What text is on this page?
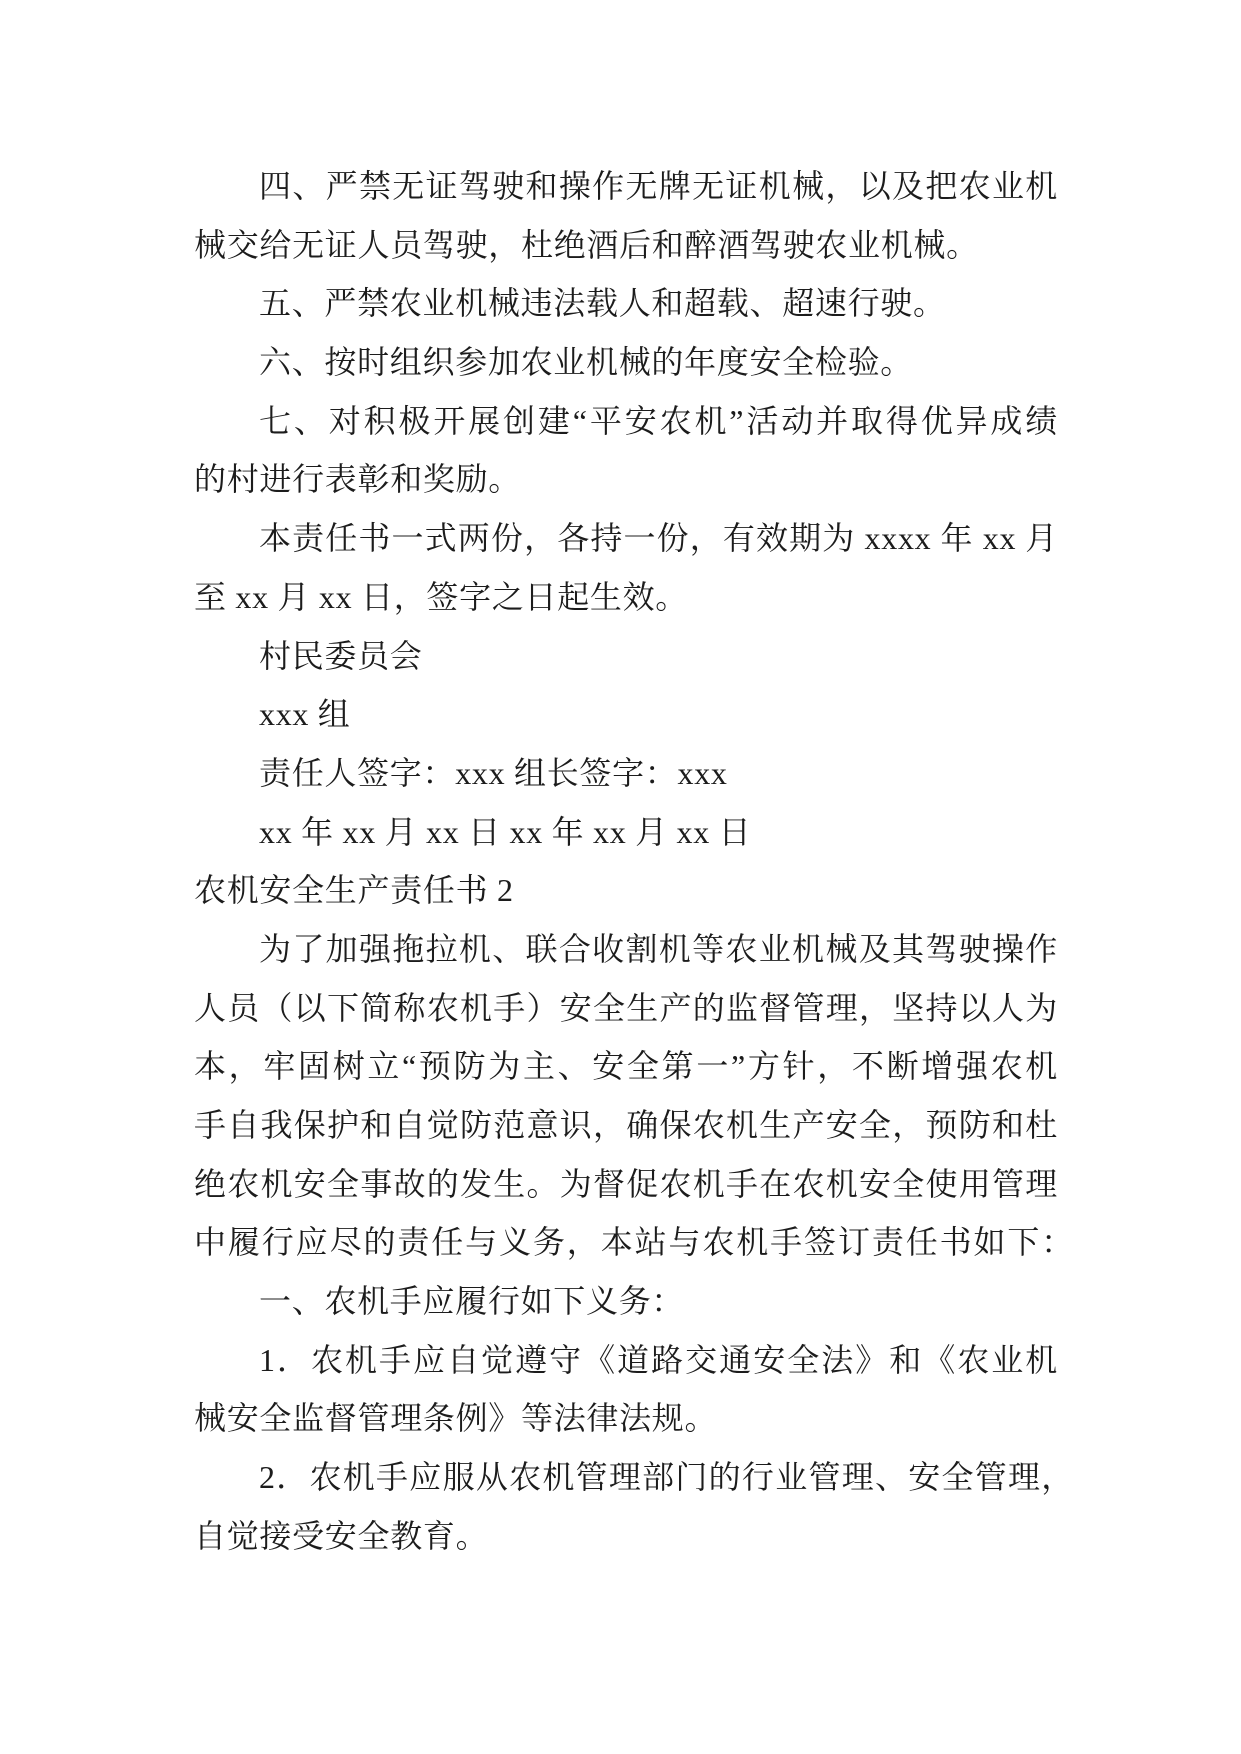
四、严禁无证驾驶和操作无牌无证机械，以及把农业机
械交给无证人员驾驶，杜绝酒后和醉酒驾驶农业机械。
五、严禁农业机械违法载人和超载、超速行驶。
六、按时组织参加农业机械的年度安全检验。
七、对积极开展创建“平安农机”活动并取得优异成绩
的村进行表彰和奖励。
本责任书一式两份，各持一份，有效期为 xxxx 年 xx 月
至 xx 月 xx 日，签字之日起生效。
村民委员会
xxx 组
责任人签字：xxx 组长签字：xxx
xx 年 xx 月 xx 日 xx 年 xx 月 xx 日
农机安全生产责任书 2
为了加强拖拉机、联合收割机等农业机械及其驾驶操作
人员（以下简称农机手）安全生产的监督管理，坚持以人为
本，牢固树立“预防为主、安全第一”方针，不断增强农机
手自我保护和自觉防范意识，确保农机生产安全，预防和杜
绝农机安全事故的发生。为督促农机手在农机安全使用管理
中履行应尽的责任与义务，本站与农机手签订责任书如下：
一、农机手应履行如下义务：
1．农机手应自觉遵守《道路交通安全法》和《农业机
械安全监督管理条例》等法律法规。
2．农机手应服从农机管理部门的行业管理、安全管理，
自觉接受安全教育。
